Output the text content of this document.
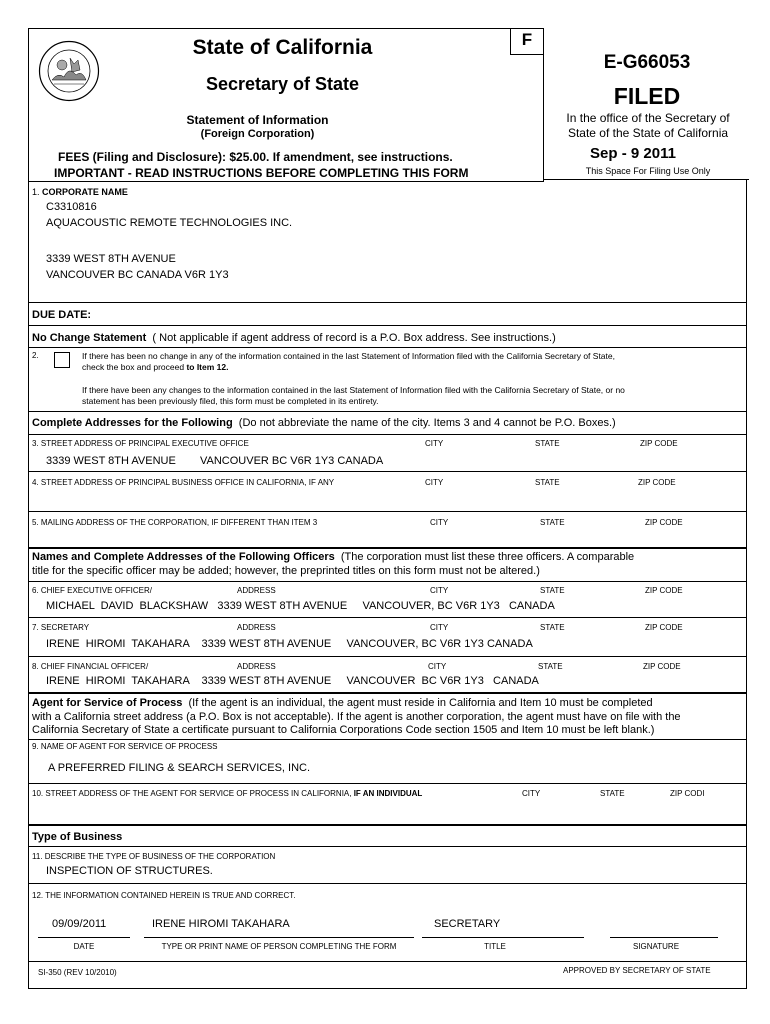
F
State of California
Secretary of State
Statement of Information
(Foreign Corporation)
FEES (Filing and Disclosure): $25.00. If amendment, see instructions.
IMPORTANT - READ INSTRUCTIONS BEFORE COMPLETING THIS FORM
E-G66053
FILED
In the office of the Secretary of
State of the State of California
Sep - 9 2011
This Space For Filing Use Only
1. CORPORATE NAME
C3310816
AQUACOUSTIC REMOTE TECHNOLOGIES INC.
3339 WEST 8TH AVENUE
VANCOUVER BC CANADA V6R 1Y3
DUE DATE:
No Change Statement ( Not applicable if agent address of record is a P.O. Box address. See instructions.)
2.	If there has been no change in any of the information contained in the last Statement of Information filed with the California Secretary of State,
check the box and proceed to Item 12.
If there have been any changes to the information contained in the last Statement of Information filed with the California Secretary of State, or no
statement has been previously filed, this form must be completed in its entirety.
Complete Addresses for the Following (Do not abbreviate the name of the city. Items 3 and 4 cannot be P.O. Boxes.)
3. STREET ADDRESS OF PRINCIPAL EXECUTIVE OFFICE	CITY	STATE	ZIP CODE
3339 WEST 8TH AVENUE VANCOUVER BC V6R 1Y3 CANADA
4. STREET ADDRESS OF PRINCIPAL BUSINESS OFFICE IN CALIFORNIA, IF ANY	CITY	STATE	ZIP CODE
5. MAILING ADDRESS OF THE CORPORATION, IF DIFFERENT THAN ITEM 3	CITY	STATE	ZIP CODE
Names and Complete Addresses of the Following Officers (The corporation must list these three officers. A comparable
title for the specific officer may be added; however, the preprinted titles on this form must not be altered.)
6. CHIEF EXECUTIVE OFFICER/	ADDRESS	CITY	STATE	ZIP CODE
MICHAEL  DAVID  BLACKSHAW   3339 WEST 8TH AVENUE     VANCOUVER, BC V6R 1Y3   CANADA
7. SECRETARY	ADDRESS	CITY	STATE	ZIP CODE
IRENE  HIROMI  TAKAHARA    3339 WEST 8TH AVENUE     VANCOUVER, BC V6R 1Y3 CANADA
8. CHIEF FINANCIAL OFFICER/	ADDRESS	CITY	STATE	ZIP CODE
IRENE  HIROMI  TAKAHARA    3339 WEST 8TH AVENUE     VANCOUVER  BC V6R 1Y3   CANADA
Agent for Service of Process (If the agent is an individual, the agent must reside in California and Item 10 must be completed
with a California street address (a P.O. Box is not acceptable). If the agent is another corporation, the agent must have on file with the
California Secretary of State a certificate pursuant to California Corporations Code section 1505 and Item 10 must be left blank.)
9. NAME OF AGENT FOR SERVICE OF PROCESS
A PREFERRED FILING & SEARCH SERVICES, INC.
10. STREET ADDRESS OF THE AGENT FOR SERVICE OF PROCESS IN CALIFORNIA, IF AN INDIVIDUAL	CITY	STATE	ZIP CODI
Type of Business
11. DESCRIBE THE TYPE OF BUSINESS OF THE CORPORATION
INSPECTION OF STRUCTURES.
12. THE INFORMATION CONTAINED HEREIN IS TRUE AND CORRECT.
09/09/2011	IRENE HIROMI TAKAHARA	SECRETARY
DATE	TYPE OR PRINT NAME OF PERSON COMPLETING THE FORM	TITLE	SIGNATURE
SI-350 (REV 10/2010)	APPROVED BY SECRETARY OF STATE
